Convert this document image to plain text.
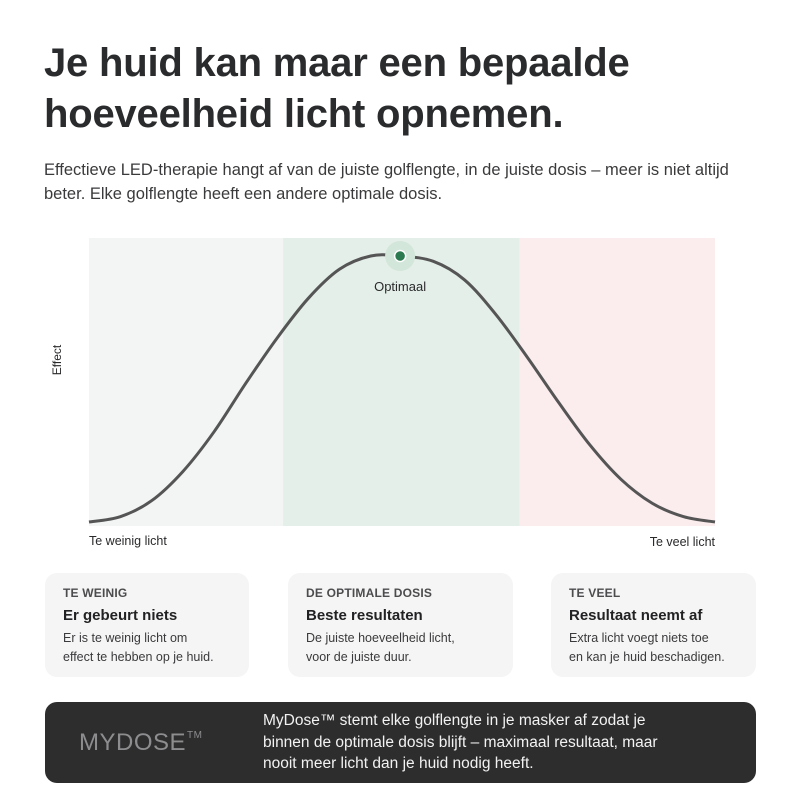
Je huid kan maar een bepaalde hoeveelheid licht opnemen.

Effectieve LED-therapie hangt af van de juiste golflengte, in de juiste dosis – meer is niet altijd beter. Elke golflengte heeft een andere optimale dosis.

Effect
Optimaal
Te weinig licht	Te veel licht
TE WEINIG
Er gebeurt niets
Er is te weinig licht om
effect te hebben op je huid.
DE OPTIMALE DOSIS
Beste resultaten
De juiste hoeveelheid licht,
voor de juiste duur.
TE VEEL
Resultaat neemt af
Extra licht voegt niets toe
en kan je huid beschadigen.
MYDOSE™
MyDose™ stemt elke golflengte in je masker af zodat je
binnen de optimale dosis blijft – maximaal resultaat, maar
nooit meer licht dan je huid nodig heeft.
